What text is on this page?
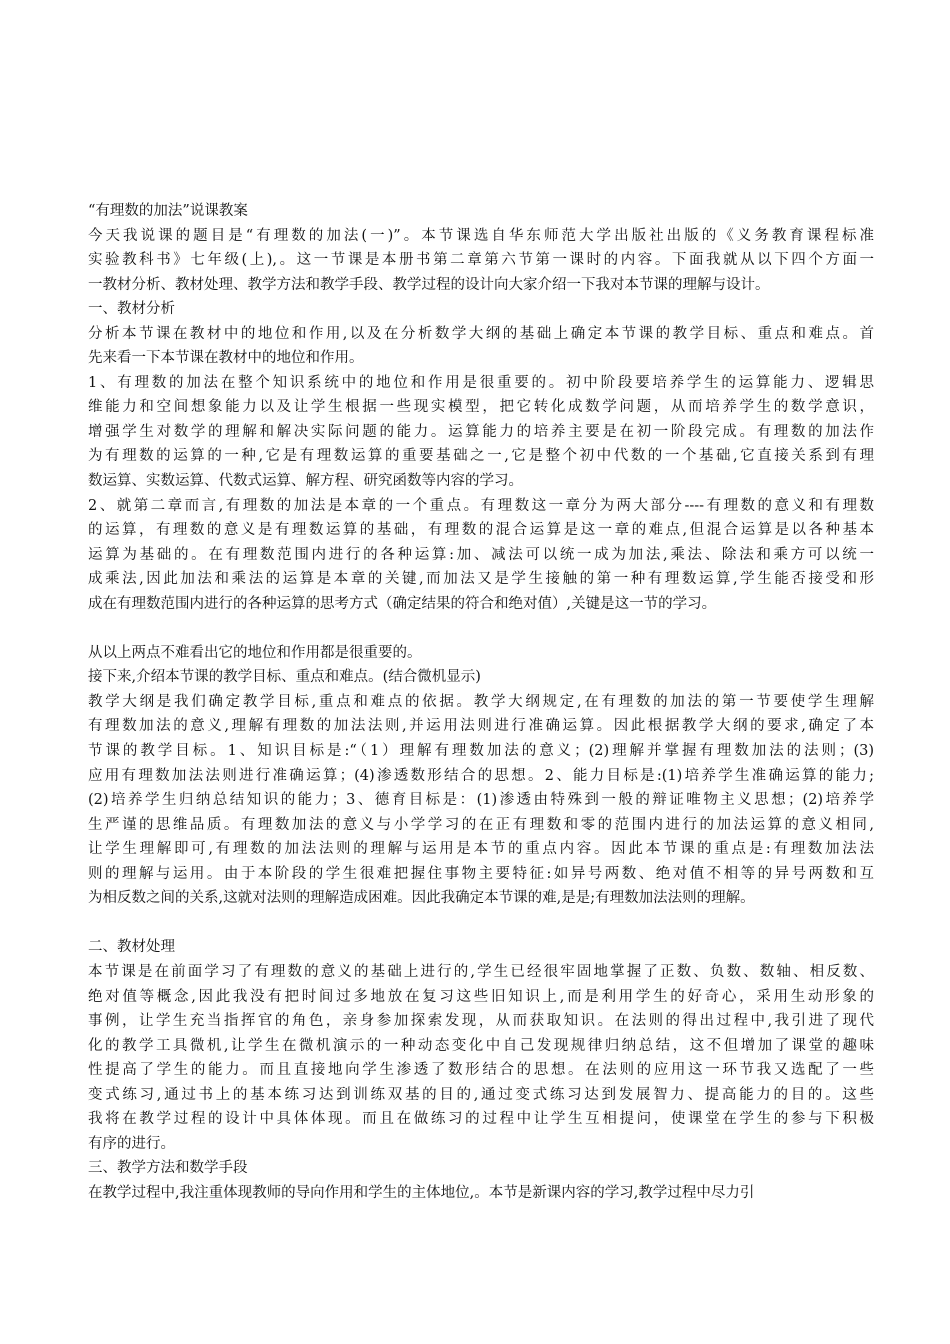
“有理数的加法”说课教案
今天我说课的题目是“有理数的加法(一)”。本节课选自华东师范大学出版社出版的《义务教育课程标准
实验教科书》七年级(上),。这一节课是本册书第二章第六节第一课时的内容。下面我就从以下四个方面一
一教材分析、教材处理、教学方法和教学手段、教学过程的设计向大家介绍一下我对本节课的理解与设计。
一、教材分析
分析本节课在教材中的地位和作用,以及在分析数学大纲的基础上确定本节课的教学目标、重点和难点。首
先来看一下本节课在教材中的地位和作用。
1、有理数的加法在整个知识系统中的地位和作用是很重要的。初中阶段要培养学生的运算能力、逻辑思
维能力和空间想象能力以及让学生根据一些现实模型，把它转化成数学问题，从而培养学生的数学意识，
增强学生对数学的理解和解决实际问题的能力。运算能力的培养主要是在初一阶段完成。有理数的加法作
为有理数的运算的一种,它是有理数运算的重要基础之一,它是整个初中代数的一个基础,它直接关系到有理
数运算、实数运算、代数式运算、解方程、研究函数等内容的学习。
2、就第二章而言,有理数的加法是本章的一个重点。有理数这一章分为两大部分----有理数的意义和有理数
的运算，有理数的意义是有理数运算的基础，有理数的混合运算是这一章的难点,但混合运算是以各种基本
运算为基础的。在有理数范围内进行的各种运算:加、减法可以统一成为加法,乘法、除法和乘方可以统一
成乘法,因此加法和乘法的运算是本章的关键,而加法又是学生接触的第一种有理数运算,学生能否接受和形
成在有理数范围内进行的各种运算的思考方式（确定结果的符合和绝对值）,关键是这一节的学习。
从以上两点不难看出它的地位和作用都是很重要的。
接下来,介绍本节课的教学目标、重点和难点。(结合微机显示)
教学大纲是我们确定教学目标,重点和难点的依据。教学大纲规定,在有理数的加法的第一节要使学生理解
有理数加法的意义,理解有理数的加法法则,并运用法则进行准确运算。因此根据教学大纲的要求,确定了本
节课的教学目标。1、知识目标是:“（1）理解有理数加法的意义；(2)理解并掌握有理数加法的法则；(3)
应用有理数加法法则进行准确运算；(4)渗透数形结合的思想。2、能力目标是:(1)培养学生准确运算的能力;
(2)培养学生归纳总结知识的能力；3、德育目标是：(1)渗透由特殊到一般的辩证唯物主义思想；(2)培养学
生严谨的思维品质。有理数加法的意义与小学学习的在正有理数和零的范围内进行的加法运算的意义相同,
让学生理解即可,有理数的加法法则的理解与运用是本节的重点内容。因此本节课的重点是:有理数加法法
则的理解与运用。由于本阶段的学生很难把握住事物主要特征:如异号两数、绝对值不相等的异号两数和互
为相反数之间的关系,这就对法则的理解造成困难。因此我确定本节课的难,是是;有理数加法法则的理解。
二、教材处理
本节课是在前面学习了有理数的意义的基础上进行的,学生已经很牢固地掌握了正数、负数、数轴、相反数、
绝对值等概念,因此我没有把时间过多地放在复习这些旧知识上,而是利用学生的好奇心，采用生动形象的
事例，让学生充当指挥官的角色，亲身参加探索发现，从而获取知识。在法则的得出过程中,我引进了现代
化的教学工具微机,让学生在微机演示的一种动态变化中自己发现规律归纳总结，这不但增加了课堂的趣味
性提高了学生的能力。而且直接地向学生渗透了数形结合的思想。在法则的应用这一环节我又选配了一些
变式练习,通过书上的基本练习达到训练双基的目的,通过变式练习达到发展智力、提高能力的目的。这些
我将在教学过程的设计中具体体现。而且在做练习的过程中让学生互相提问，使课堂在学生的参与下积极
有序的进行。
三、教学方法和数学手段
在教学过程中,我注重体现教师的导向作用和学生的主体地位,。本节是新课内容的学习,教学过程中尽力引
